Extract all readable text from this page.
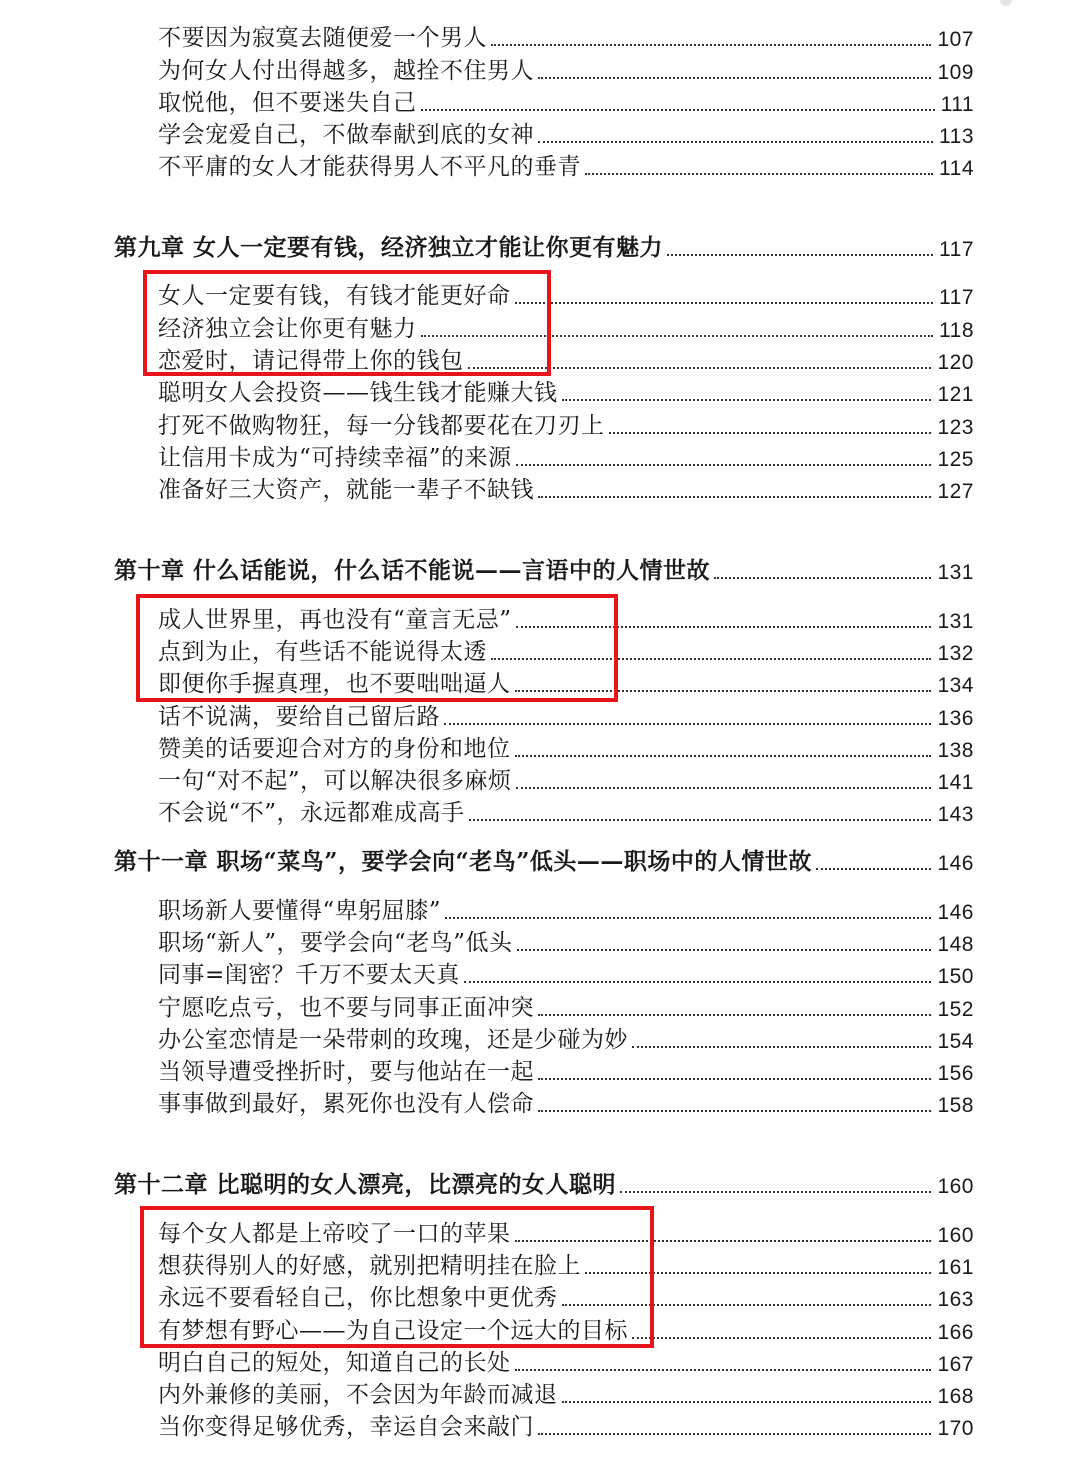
不要因为寂寞去随便爱一个男人	107
为何女人付出得越多，越拴不住男人	109
取悦他，但不要迷失自己	111
学会宠爱自己，不做奉献到底的女神	113
不平庸的女人才能获得男人不平凡的垂青	114
第九章 女人一定要有钱，经济独立才能让你更有魅力	117
女人一定要有钱，有钱才能更好命	117
经济独立会让你更有魅力	118
恋爱时，请记得带上你的钱包	120
聪明女人会投资——钱生钱才能赚大钱	121
打死不做购物狂，每一分钱都要花在刀刃上	123
让信用卡成为“可持续幸福”的来源	125
准备好三大资产，就能一辈子不缺钱	127
第十章 什么话能说，什么话不能说——言语中的人情世故	131
成人世界里，再也没有“童言无忌”	131
点到为止，有些话不能说得太透	132
即便你手握真理，也不要咄咄逼人	134
话不说满，要给自己留后路	136
赞美的话要迎合对方的身份和地位	138
一句“对不起”，可以解决很多麻烦	141
不会说“不”，永远都难成高手	143
第十一章 职场“菜鸟”，要学会向“老鸟”低头——职场中的人情世故	146
职场新人要懂得“卑躬屈膝”	146
职场“新人”，要学会向“老鸟”低头	148
同事=闺密？千万不要太天真	150
宁愿吃点亏，也不要与同事正面冲突	152
办公室恋情是一朵带刺的玫瑰，还是少碰为妙	154
当领导遭受挫折时，要与他站在一起	156
事事做到最好，累死你也没有人偿命	158
第十二章 比聪明的女人漂亮，比漂亮的女人聪明	160
每个女人都是上帝咬了一口的苹果	160
想获得别人的好感，就别把精明挂在脸上	161
永远不要看轻自己，你比想象中更优秀	163
有梦想有野心——为自己设定一个远大的目标	166
明白自己的短处，知道自己的长处	167
内外兼修的美丽，不会因为年龄而减退	168
当你变得足够优秀，幸运自会来敲门	170
